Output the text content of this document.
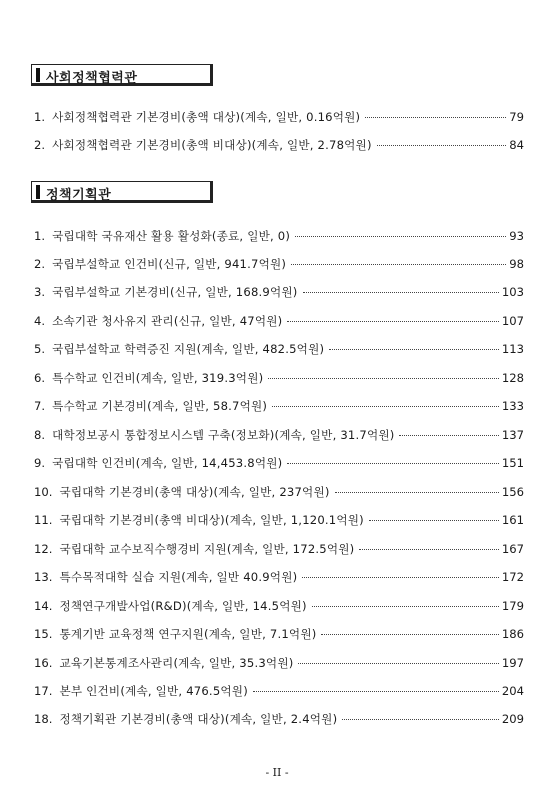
사회정책협력관
1. 사회정책협력관 기본경비(총액 대상)(계속, 일반, 0.16억원)	79
2. 사회정책협력관 기본경비(총액 비대상)(계속, 일반, 2.78억원)	84
정책기획관
1. 국립대학 국유재산 활용 활성화(종료, 일반, 0)	93
2. 국립부설학교 인건비(신규, 일반, 941.7억원)	98
3. 국립부설학교 기본경비(신규, 일반, 168.9억원)	103
4. 소속기관 청사유지 관리(신규, 일반, 47억원)	107
5. 국립부설학교 학력증진 지원(계속, 일반, 482.5억원)	113
6. 특수학교 인건비(계속, 일반, 319.3억원)	128
7. 특수학교 기본경비(계속, 일반, 58.7억원)	133
8. 대학정보공시 통합정보시스템 구축(정보화)(계속, 일반, 31.7억원)	137
9. 국립대학 인건비(계속, 일반, 14,453.8억원)	151
10. 국립대학 기본경비(총액 대상)(계속, 일반, 237억원)	156
11. 국립대학 기본경비(총액 비대상)(계속, 일반, 1,120.1억원)	161
12. 국립대학 교수보직수행경비 지원(계속, 일반, 172.5억원)	167
13. 특수목적대학 실습 지원(계속, 일반 40.9억원)	172
14. 정책연구개발사업(R&D)(계속, 일반, 14.5억원)	179
15. 통계기반 교육정책 연구지원(계속, 일반, 7.1억원)	186
16. 교육기본통계조사관리(계속, 일반, 35.3억원)	197
17. 본부 인건비(계속, 일반, 476.5억원)	204
18. 정책기획관 기본경비(총액 대상)(계속, 일반, 2.4억원)	209
- II -
